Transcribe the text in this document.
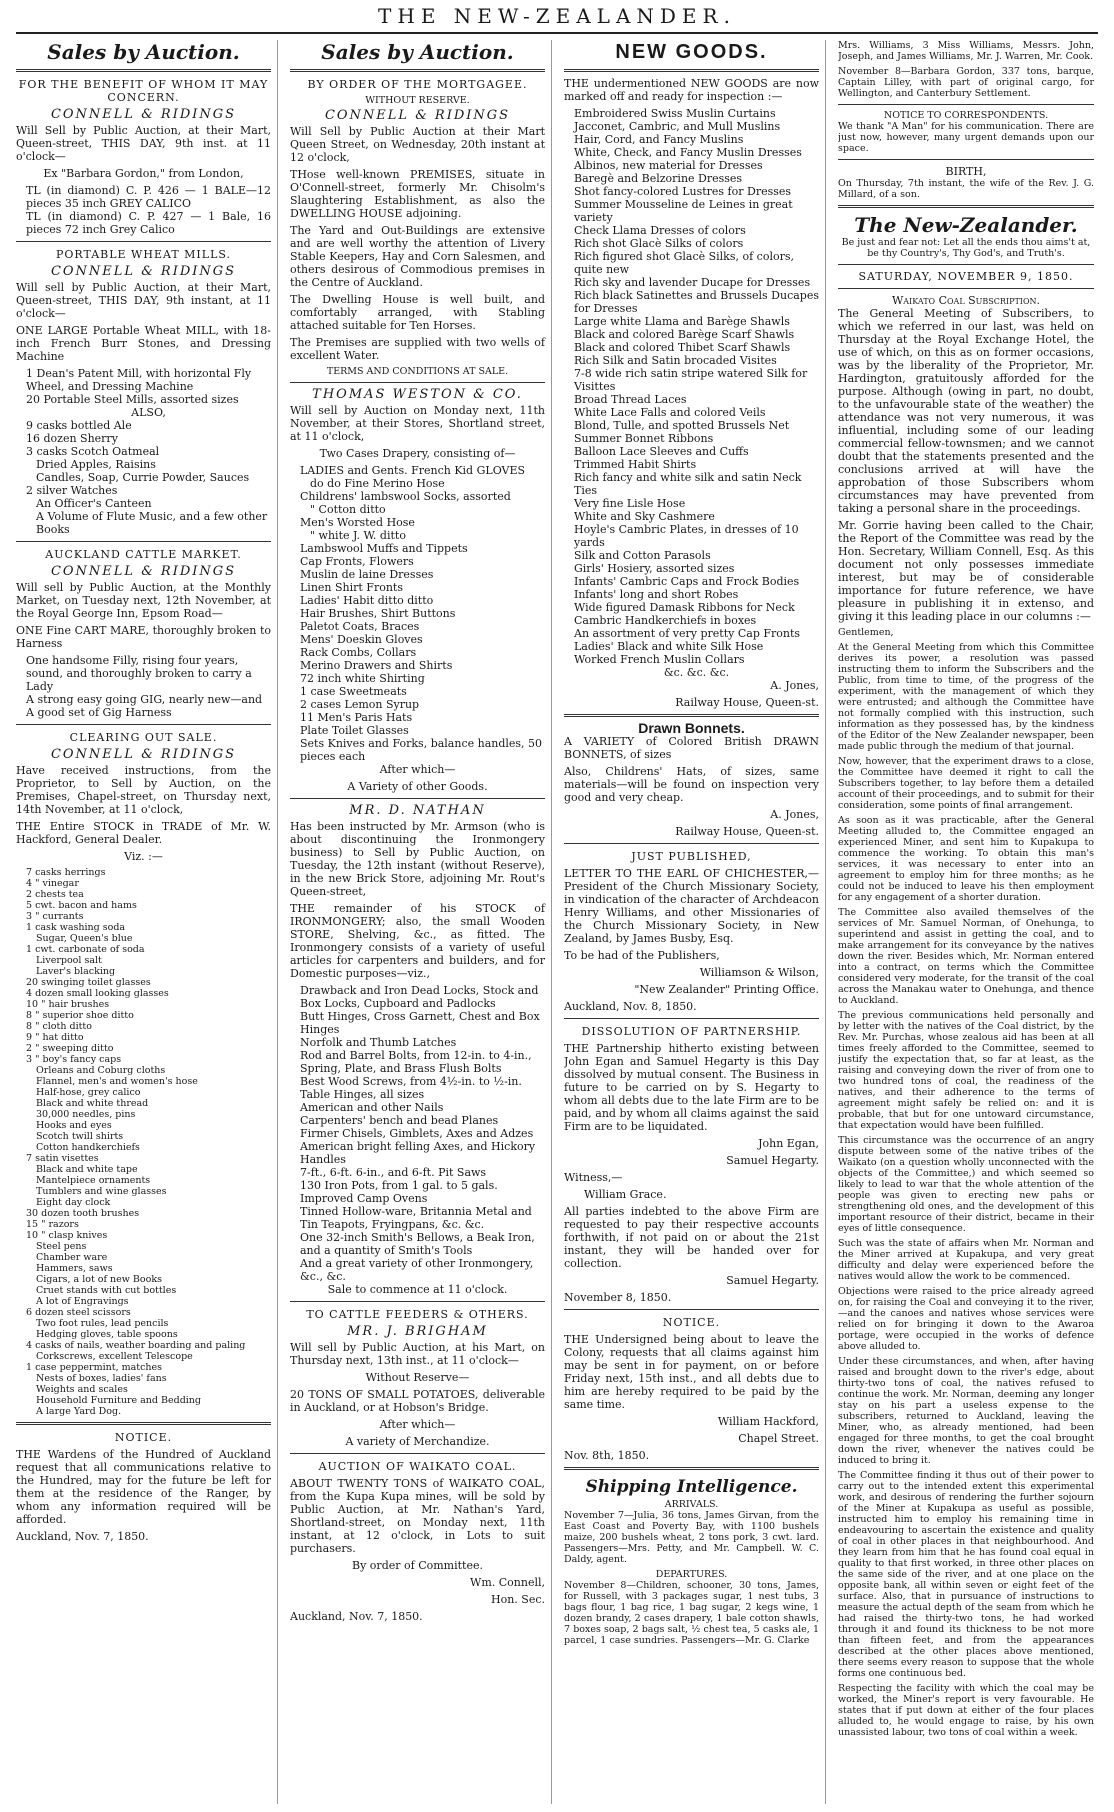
THE NEW-ZEALANDER.
Sales by Auction.
FOR THE BENEFIT OF WHOM IT MAY CONCERN.
CONNELL & RIDINGS

Will Sell by Public Auction, at their Mart, Queen-street, THIS DAY, 9th inst. at 11 o'clock—

Ex "Barbara Gordon," from London,

TL (in diamond) C. P. 426 — 1 BALE—12 pieces 35 inch GREY CALICO

TL (in diamond) C. P. 427 — 1 Bale, 16 pieces 72 inch Grey Calico

PORTABLE WHEAT MILLS.
CONNELL & RIDINGS

Will sell by Public Auction, at their Mart, Queen-street, THIS DAY, 9th instant, at 11 o'clock—

ONE LARGE Portable Wheat MILL, with 18-inch French Burr Stones, and Dressing Machine

1 Dean's Patent Mill, with horizontal Fly Wheel, and Dressing Machine
20 Portable Steel Mills, assorted sizes
ALSO,
9 casks bottled Ale
16 dozen Sherry
3 casks Scotch Oatmeal
Dried Apples, Raisins
Candles, Soap, Currie Powder, Sauces
2 silver Watches
An Officer's Canteen
A Volume of Flute Music, and a few other Books
AUCKLAND CATTLE MARKET.
CONNELL & RIDINGS

Will sell by Public Auction, at the Monthly Market, on Tuesday next, 12th November, at the Royal George Inn, Epsom Road—

ONE Fine CART MARE, thoroughly broken to Harness

One handsome Filly, rising four years, sound, and thoroughly broken to carry a Lady
A strong easy going GIG, nearly new—and
A good set of Gig Harness
CLEARING OUT SALE.
CONNELL & RIDINGS

Have received instructions, from the Proprietor, to Sell by Auction, on the Premises, Chapel-street, on Thursday next, 14th November, at 11 o'clock,

THE Entire STOCK in TRADE of Mr. W. Hackford, General Dealer.

Viz. :—

7 casks herrings
4 " vinegar
2 chests tea
5 cwt. bacon and hams
3 " currants
1 cask washing soda
Sugar, Queen's blue
1 cwt. carbonate of soda
Liverpool salt
Laver's blacking
20 swinging toilet glasses
4 dozen small looking glasses
10 " hair brushes
8 " superior shoe ditto
8 " cloth ditto
9 " hat ditto
2 " sweeping ditto
3 " boy's fancy caps
Orleans and Coburg cloths
Flannel, men's and women's hose
Half-hose, grey calico
Black and white thread
30,000 needles, pins
Hooks and eyes
Scotch twill shirts
Cotton handkerchiefs
7 satin visettes
Black and white tape
Mantelpiece ornaments
Tumblers and wine glasses
Eight day clock
30 dozen tooth brushes
15 " razors
10 " clasp knives
Steel pens
Chamber ware
Hammers, saws
Cigars, a lot of new Books
Cruet stands with cut bottles
A lot of Engravings
6 dozen steel scissors
Two foot rules, lead pencils
Hedging gloves, table spoons
4 casks of nails, weather boarding and paling
Corkscrews, excellent Telescope
1 case peppermint, matches
Nests of boxes, ladies' fans
Weights and scales
Household Furniture and Bedding
A large Yard Dog.
NOTICE.

THE Wardens of the Hundred of Auckland request that all communications relative to the Hundred, may for the future be left for them at the residence of the Ranger, by whom any information required will be afforded.

Auckland, Nov. 7, 1850.

Sales by Auction.
BY ORDER OF THE MORTGAGEE.
WITHOUT RESERVE.
CONNELL & RIDINGS

Will Sell by Public Auction at their Mart Queen Street, on Wednesday, 20th instant at 12 o'clock,

THose well-known PREMISES, situate in O'Connell-street, formerly Mr. Chisolm's Slaughtering Establishment, as also the DWELLING HOUSE adjoining.

The Yard and Out-Buildings are extensive and are well worthy the attention of Livery Stable Keepers, Hay and Corn Salesmen, and others desirous of Commodious premises in the Centre of Auckland.

The Dwelling House is well built, and comfortably arranged, with Stabling attached suitable for Ten Horses.

The Premises are supplied with two wells of excellent Water.

TERMS AND CONDITIONS AT SALE.

THOMAS WESTON & CO.

Will sell by Auction on Monday next, 11th November, at their Stores, Shortland street, at 11 o'clock,

Two Cases Drapery, consisting of—

LADIES and Gents. French Kid GLOVES
do do Fine Merino Hose
Childrens' lambswool Socks, assorted
" Cotton ditto
Men's Worsted Hose
" white J. W. ditto
Lambswool Muffs and Tippets
Cap Fronts, Flowers
Muslin de laine Dresses
Linen Shirt Fronts
Ladies' Habit ditto ditto
Hair Brushes, Shirt Buttons
Paletot Coats, Braces
Mens' Doeskin Gloves
Rack Combs, Collars
Merino Drawers and Shirts
72 inch white Shirting
1 case Sweetmeats
2 cases Lemon Syrup
11 Men's Paris Hats
Plate Toilet Glasses
Sets Knives and Forks, balance handles, 50 pieces each

After which—

A Variety of other Goods.

MR. D. NATHAN

Has been instructed by Mr. Armson (who is about discontinuing the Ironmongery business) to Sell by Public Auction, on Tuesday, the 12th instant (without Reserve), in the new Brick Store, adjoining Mr. Rout's Queen-street,

THE remainder of his STOCK of IRONMONGERY; also, the small Wooden STORE, Shelving, &c., as fitted. The Ironmongery consists of a variety of useful articles for carpenters and builders, and for Domestic purposes—viz.,

Drawback and Iron Dead Locks, Stock and Box Locks, Cupboard and Padlocks
Butt Hinges, Cross Garnett, Chest and Box Hinges
Norfolk and Thumb Latches
Rod and Barrel Bolts, from 12-in. to 4-in.,
Spring, Plate, and Brass Flush Bolts
Best Wood Screws, from 4½-in. to ½-in.
Table Hinges, all sizes
American and other Nails
Carpenters' bench and bead Planes
Firmer Chisels, Gimblets, Axes and Adzes
American bright felling Axes, and Hickory Handles
7-ft., 6-ft. 6-in., and 6-ft. Pit Saws
130 Iron Pots, from 1 gal. to 5 gals.
Improved Camp Ovens
Tinned Hollow-ware, Britannia Metal and Tin Teapots, Fryingpans, &c. &c.
One 32-inch Smith's Bellows, a Beak Iron, and a quantity of Smith's Tools
And a great variety of other Ironmongery, &c., &c.

Sale to commence at 11 o'clock.

TO CATTLE FEEDERS & OTHERS.
MR. J. BRIGHAM

Will sell by Public Auction, at his Mart, on Thursday next, 13th inst., at 11 o'clock—

Without Reserve—

20 TONS OF SMALL POTATOES, deliverable in Auckland, or at Hobson's Bridge.

After which—

A variety of Merchandize.

AUCTION OF WAIKATO COAL.

ABOUT TWENTY TONS of WAIKATO COAL, from the Kupa Kupa mines, will be sold by Public Auction, at Mr. Nathan's Yard, Shortland-street, on Monday next, 11th instant, at 12 o'clock, in Lots to suit purchasers.

By order of Committee.

Wm. Connell,

Hon. Sec.

Auckland, Nov. 7, 1850.

NEW GOODS.

THE undermentioned NEW GOODS are now marked off and ready for inspection :—

Embroidered Swiss Muslin Curtains
Jacconet, Cambric, and Mull Muslins
Hair, Cord, and Fancy Muslins
White, Check, and Fancy Muslin Dresses
Albinos, new material for Dresses
Baregè and Belzorine Dresses
Shot fancy-colored Lustres for Dresses
Summer Mousseline de Leines in great variety
Check Llama Dresses of colors
Rich shot Glacè Silks of colors
Rich figured shot Glacè Silks, of colors, quite new
Rich sky and lavender Ducape for Dresses
Rich black Satinettes and Brussels Ducapes for Dresses
Large white Llama and Barège Shawls
Black and colored Barège Scarf Shawls
Black and colored Thibet Scarf Shawls
Rich Silk and Satin brocaded Visites
7-8 wide rich satin stripe watered Silk for Visittes
Broad Thread Laces
White Lace Falls and colored Veils
Blond, Tulle, and spotted Brussels Net
Summer Bonnet Ribbons
Balloon Lace Sleeves and Cuffs
Trimmed Habit Shirts
Rich fancy and white silk and satin Neck Ties
Very fine Lisle Hose
White and Sky Cashmere
Hoyle's Cambric Plates, in dresses of 10 yards
Silk and Cotton Parasols
Girls' Hosiery, assorted sizes
Infants' Cambric Caps and Frock Bodies
Infants' long and short Robes
Wide figured Damask Ribbons for Neck
Cambric Handkerchiefs in boxes
An assortment of very pretty Cap Fronts
Ladies' Black and white Silk Hose
Worked French Muslin Collars
&c. &c. &c.

A. Jones,

Railway House, Queen-st.

Drawn Bonnets.

A VARIETY of Colored British DRAWN BONNETS, of sizes

Also, Childrens' Hats, of sizes, same materials—will be found on inspection very good and very cheap.

A. Jones,

Railway House, Queen-st.

JUST PUBLISHED,

LETTER TO THE EARL OF CHICHESTER,—President of the Church Missionary Society, in vindication of the character of Archdeacon Henry Williams, and other Missionaries of the Church Missionary Society, in New Zealand, by James Busby, Esq.

To be had of the Publishers,

Williamson & Wilson,

"New Zealander" Printing Office.

Auckland, Nov. 8, 1850.

DISSOLUTION OF PARTNERSHIP.

THE Partnership hitherto existing between John Egan and Samuel Hegarty is this Day dissolved by mutual consent. The Business in future to be carried on by S. Hegarty to whom all debts due to the late Firm are to be paid, and by whom all claims against the said Firm are to be liquidated.

John Egan,

Samuel Hegarty.

Witness,—

William Grace.

All parties indebted to the above Firm are requested to pay their respective accounts forthwith, if not paid on or about the 21st instant, they will be handed over for collection.

Samuel Hegarty.

November 8, 1850.

NOTICE.

THE Undersigned being about to leave the Colony, requests that all claims against him may be sent in for payment, on or before Friday next, 15th inst., and all debts due to him are hereby required to be paid by the same time.

William Hackford,

Chapel Street.

Nov. 8th, 1850.

Shipping Intelligence.
ARRIVALS.

November 7—Julia, 36 tons, James Girvan, from the East Coast and Poverty Bay, with 1100 bushels maize, 200 bushels wheat, 2 tons pork, 3 cwt. lard. Passengers—Mrs. Petty, and Mr. Campbell. W. C. Daldy, agent.

DEPARTURES.

November 8—Children, schooner, 30 tons, James, for Russell, with 3 packages sugar, 1 nest tubs, 3 bags flour, 1 bag rice, 1 bag sugar, 2 kegs wine, 1 dozen brandy, 2 cases drapery, 1 bale cotton shawls, 7 boxes soap, 2 bags salt, ½ chest tea, 5 casks ale, 1 parcel, 1 case sundries. Passengers—Mr. G. Clarke

Mrs. Williams, 3 Miss Williams, Messrs. John, Joseph, and James Williams, Mr. J. Warren, Mr. Cook.

November 8—Barbara Gordon, 337 tons, barque, Captain Lilley, with part of original cargo, for Wellington, and Canterbury Settlement.

NOTICE TO CORRESPONDENTS.

We thank "A Man" for his communication. There are just now, however, many urgent demands upon our space.

BIRTH,

On Thursday, 7th instant, the wife of the Rev. J. G. Millard, of a son.

The New-Zealander.

Be just and fear not: Let all the ends thou aims't at, be thy Country's, Thy God's, and Truth's.

SATURDAY, NOVEMBER 9, 1850.
Waikato Coal Subscription.

The General Meeting of Subscribers, to which we referred in our last, was held on Thursday at the Royal Exchange Hotel, the use of which, on this as on former occasions, was by the liberality of the Proprietor, Mr. Hardington, gratuitously afforded for the purpose. Although (owing in part, no doubt, to the unfavourable state of the weather) the attendance was not very numerous, it was influential, including some of our leading commercial fellow-townsmen; and we cannot doubt that the statements presented and the conclusions arrived at will have the approbation of those Subscribers whom circumstances may have prevented from taking a personal share in the proceedings.

Mr. Gorrie having been called to the Chair, the Report of the Committee was read by the Hon. Secretary, William Connell, Esq. As this document not only possesses immediate interest, but may be of considerable importance for future reference, we have pleasure in publishing it in extenso, and giving it this leading place in our columns :—

Gentlemen,

At the General Meeting from which this Committee derives its power, a resolution was passed instructing them to inform the Subscribers and the Public, from time to time, of the progress of the experiment, with the management of which they were entrusted; and although the Committee have not formally complied with this instruction, such information as they possessed has, by the kindness of the Editor of the New Zealander newspaper, been made public through the medium of that journal.

Now, however, that the experiment draws to a close, the Committee have deemed it right to call the Subscribers together, to lay before them a detailed account of their proceedings, and to submit for their consideration, some points of final arrangement.

As soon as it was practicable, after the General Meeting alluded to, the Committee engaged an experienced Miner, and sent him to Kupakupa to commence the working. To obtain this man's services, it was necessary to enter into an agreement to employ him for three months; as he could not be induced to leave his then employment for any engagement of a shorter duration.

The Committee also availed themselves of the services of Mr. Samuel Norman, of Onehunga, to superintend and assist in getting the coal, and to make arrangement for its conveyance by the natives down the river. Besides which, Mr. Norman entered into a contract, on terms which the Committee considered very moderate, for the transit of the coal across the Manakau water to Onehunga, and thence to Auckland.

The previous communications held personally and by letter with the natives of the Coal district, by the Rev. Mr. Purchas, whose zealous aid has been at all times freely afforded to the Committee, seemed to justify the expectation that, so far at least, as the raising and conveying down the river of from one to two hundred tons of coal, the readiness of the natives, and their adherence to the terms of agreement might safely be relied on: and it is probable, that but for one untoward circumstance, that expectation would have been fulfilled.

This circumstance was the occurrence of an angry dispute between some of the native tribes of the Waikato (on a question wholly unconnected with the objects of the Committee,) and which seemed so likely to lead to war that the whole attention of the people was given to erecting new pahs or strengthening old ones, and the development of this important resource of their district, became in their eyes of little consequence.

Such was the state of affairs when Mr. Norman and the Miner arrived at Kupakupa, and very great difficulty and delay were experienced before the natives would allow the work to be commenced.

Objections were raised to the price already agreed on, for raising the Coal and conveying it to the river, —and the canoes and natives whose services were relied on for bringing it down to the Awaroa portage, were occupied in the works of defence above alluded to.

Under these circumstances, and when, after having raised and brought down to the river's edge, about thirty-two tons of coal, the natives refused to continue the work. Mr. Norman, deeming any longer stay on his part a useless expense to the subscribers, returned to Auckland, leaving the Miner, who, as already mentioned, had been engaged for three months, to get the coal brought down the river, whenever the natives could be induced to bring it.

The Committee finding it thus out of their power to carry out to the intended extent this experimental work, and desirous of rendering the further sojourn of the Miner at Kupakupa as useful as possible, instructed him to employ his remaining time in endeavouring to ascertain the existence and quality of coal in other places in that neighbourhood. And they learn from him that he has found coal equal in quality to that first worked, in three other places on the same side of the river, and at one place on the opposite bank, all within seven or eight feet of the surface. Also, that in pursuance of instructions to measure the actual depth of the seam from which he had raised the thirty-two tons, he had worked through it and found its thickness to be not more than fifteen feet, and from the appearances described at the other places above mentioned, there seems every reason to suppose that the whole forms one continuous bed.

Respecting the facility with which the coal may be worked, the Miner's report is very favourable. He states that if put down at either of the four places alluded to, he would engage to raise, by his own unassisted labour, two tons of coal within a week.
